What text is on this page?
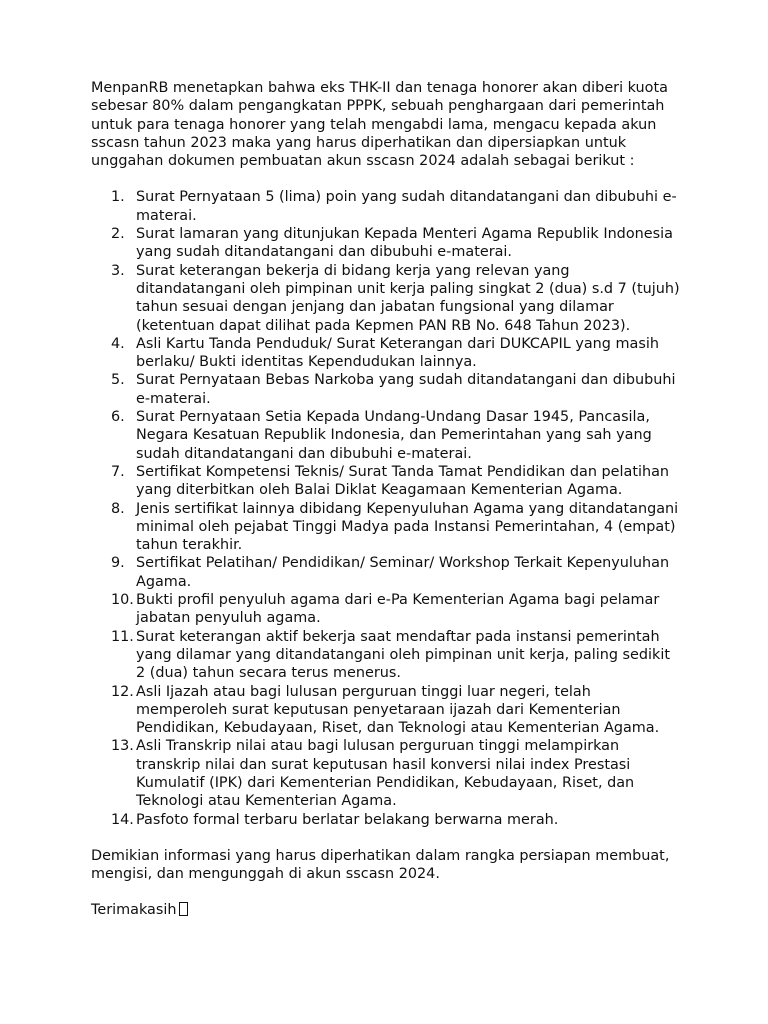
MenpanRB menetapkan bahwa eks THK-II dan tenaga honorer akan diberi kuota sebesar 80% dalam pengangkatan PPPK, sebuah penghargaan dari pemerintah untuk para tenaga honorer yang telah mengabdi lama, mengacu kepada akun sscasn tahun 2023 maka yang harus diperhatikan dan dipersiapkan untuk unggahan dokumen pembuatan akun sscasn 2024 adalah sebagai berikut :

1. Surat Pernyataan 5 (lima) poin yang sudah ditandatangani dan dibubuhi e-materai.
2. Surat lamaran yang ditunjukan Kepada Menteri Agama Republik Indonesia yang sudah ditandatangani dan dibubuhi e-materai.
3. Surat keterangan bekerja di bidang kerja yang relevan yang ditandatangani oleh pimpinan unit kerja paling singkat 2 (dua) s.d 7 (tujuh) tahun sesuai dengan jenjang dan jabatan fungsional yang dilamar (ketentuan dapat dilihat pada Kepmen PAN RB No. 648 Tahun 2023).
4. Asli Kartu Tanda Penduduk/ Surat Keterangan dari DUKCAPIL yang masih berlaku/ Bukti identitas Kependudukan lainnya.
5. Surat Pernyataan Bebas Narkoba yang sudah ditandatangani dan dibubuhi e-materai.
6. Surat Pernyataan Setia Kepada Undang-Undang Dasar 1945, Pancasila, Negara Kesatuan Republik Indonesia, dan Pemerintahan yang sah yang sudah ditandatangani dan dibubuhi e-materai.
7. Sertifikat Kompetensi Teknis/ Surat Tanda Tamat Pendidikan dan pelatihan yang diterbitkan oleh Balai Diklat Keagamaan Kementerian Agama.
8. Jenis sertifikat lainnya dibidang Kepenyuluhan Agama yang ditandatangani minimal oleh pejabat Tinggi Madya pada Instansi Pemerintahan, 4 (empat) tahun terakhir.
9. Sertifikat Pelatihan/ Pendidikan/ Seminar/ Workshop Terkait Kepenyuluhan Agama.
10. Bukti profil penyuluh agama dari e-Pa Kementerian Agama bagi pelamar jabatan penyuluh agama.
11. Surat keterangan aktif bekerja saat mendaftar pada instansi pemerintah yang dilamar yang ditandatangani oleh pimpinan unit kerja, paling sedikit 2 (dua) tahun secara terus menerus.
12. Asli Ijazah atau bagi lulusan perguruan tinggi luar negeri, telah memperoleh surat keputusan penyetaraan ijazah dari Kementerian Pendidikan, Kebudayaan, Riset, dan Teknologi atau Kementerian Agama.
13. Asli Transkrip nilai atau bagi lulusan perguruan tinggi melampirkan transkrip nilai dan surat keputusan hasil konversi nilai index Prestasi Kumulatif (IPK) dari Kementerian Pendidikan, Kebudayaan, Riset, dan Teknologi atau Kementerian Agama.
14. Pasfoto formal terbaru berlatar belakang berwarna merah.

Demikian informasi yang harus diperhatikan dalam rangka persiapan membuat, mengisi, dan mengunggah di akun sscasn 2024.

Terimakasih
